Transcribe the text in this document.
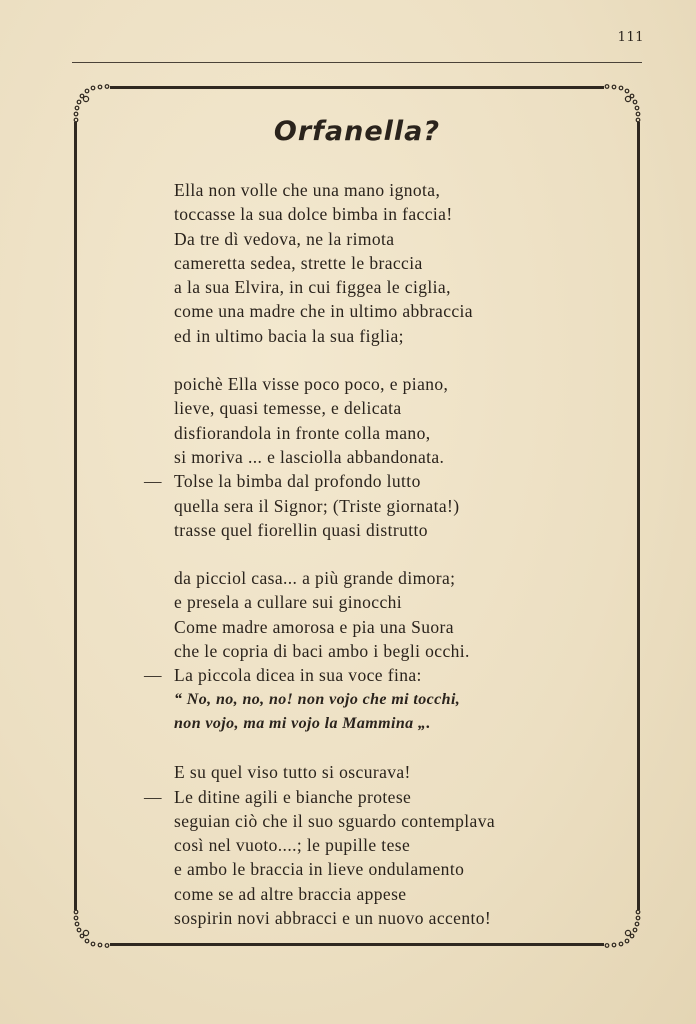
111
Orfanella?
Ella non volle che una mano ignota,
toccasse la sua dolce bimba in faccia!
Da tre dì vedova, ne la rimota
cameretta sedea, strette le braccia
a la sua Elvira, in cui figgea le ciglia,
come una madre che in ultimo abbraccia
ed in ultimo bacia la sua figlia;
poichè Ella visse poco poco, e piano,
lieve, quasi temesse, e delicata
disfiorandola in fronte colla mano,
si moriva ... e lasciolla abbandonata.
— Tolse la bimba dal profondo lutto
quella sera il Signor; (Triste giornata!)
trasse quel fiorellin quasi distrutto
da picciol casa... a più grande dimora;
e presela a cullare sui ginocchi
Come madre amorosa e pia una Suora
che le copria di baci ambo i begli occhi.
— La piccola dicea in sua voce fina:
“ No, no, no, no! non vojo che mi tocchi,
non vojo, ma mi vojo la Mammina „.
E su quel viso tutto si oscurava!
— Le ditine agili e bianche protese
seguian ciò che il suo sguardo contemplava
così nel vuoto....; le pupille tese
e ambo le braccia in lieve ondulamento
come se ad altre braccia appese
sospirin novi abbracci e un nuovo accento!
